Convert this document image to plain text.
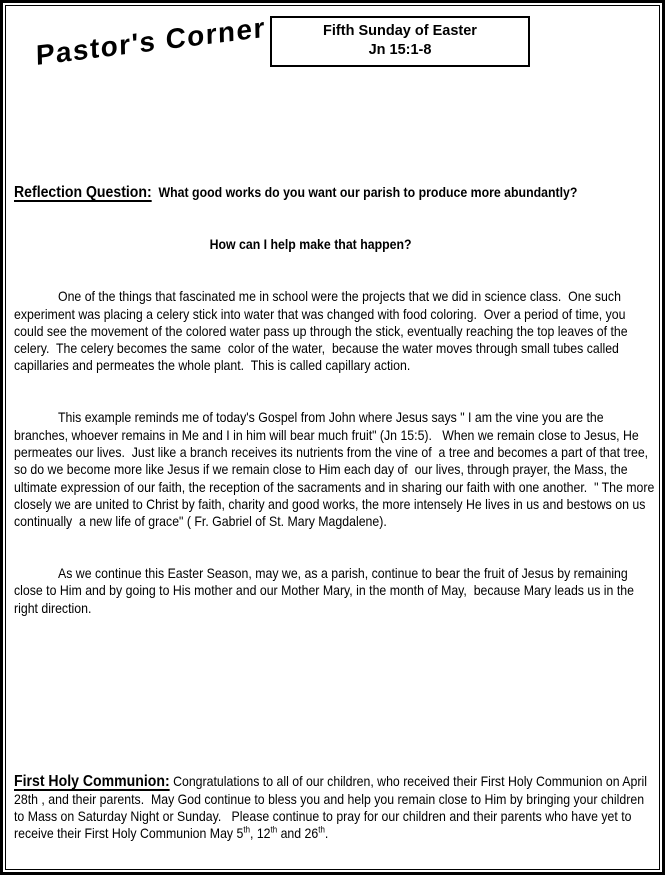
Pastor's Corner	Fifth Sunday of Easter
Jn 15:1-8

Reflection Question:  What good works do you want our parish to produce more abundantly?

How can I help make that happen?

One of the things that fascinated me in school were the projects that we did in science class.  One such experiment was placing a celery stick into water that was changed with food coloring.  Over a period of time, you could see the movement of the colored water pass up through the stick, eventually reaching the top leaves of the celery.  The celery becomes the same  color of the water,  because the water moves through small tubes called capillaries and permeates the whole plant.  This is called capillary action.

This example reminds me of today's Gospel from John where Jesus says " I am the vine you are the branches, whoever remains in Me and I in him will bear much fruit" (Jn 15:5).   When we remain close to Jesus, He permeates our lives.  Just like a branch receives its nutrients from the vine of  a tree and becomes a part of that tree, so do we become more like Jesus if we remain close to Him each day of  our lives, through prayer, the Mass, the ultimate expression of our faith, the reception of the sacraments and in sharing our faith with one another.  " The more closely we are united to Christ by faith, charity and good works, the more intensely He lives in us and bestows on us continually  a new life of grace" ( Fr. Gabriel of St. Mary Magdalene).

As we continue this Easter Season, may we, as a parish, continue to bear the fruit of Jesus by remaining close to Him and by going to His mother and our Mother Mary, in the month of May,  because Mary leads us in the right direction.

First Holy Communion: Congratulations to all of our children, who received their First Holy Communion on April 28th , and their parents.  May God continue to bless you and help you remain close to Him by bringing your children to Mass on Saturday Night or Sunday.   Please continue to pray for our children and their parents who have yet to receive their First Holy Communion May 5th, 12th and 26th.
